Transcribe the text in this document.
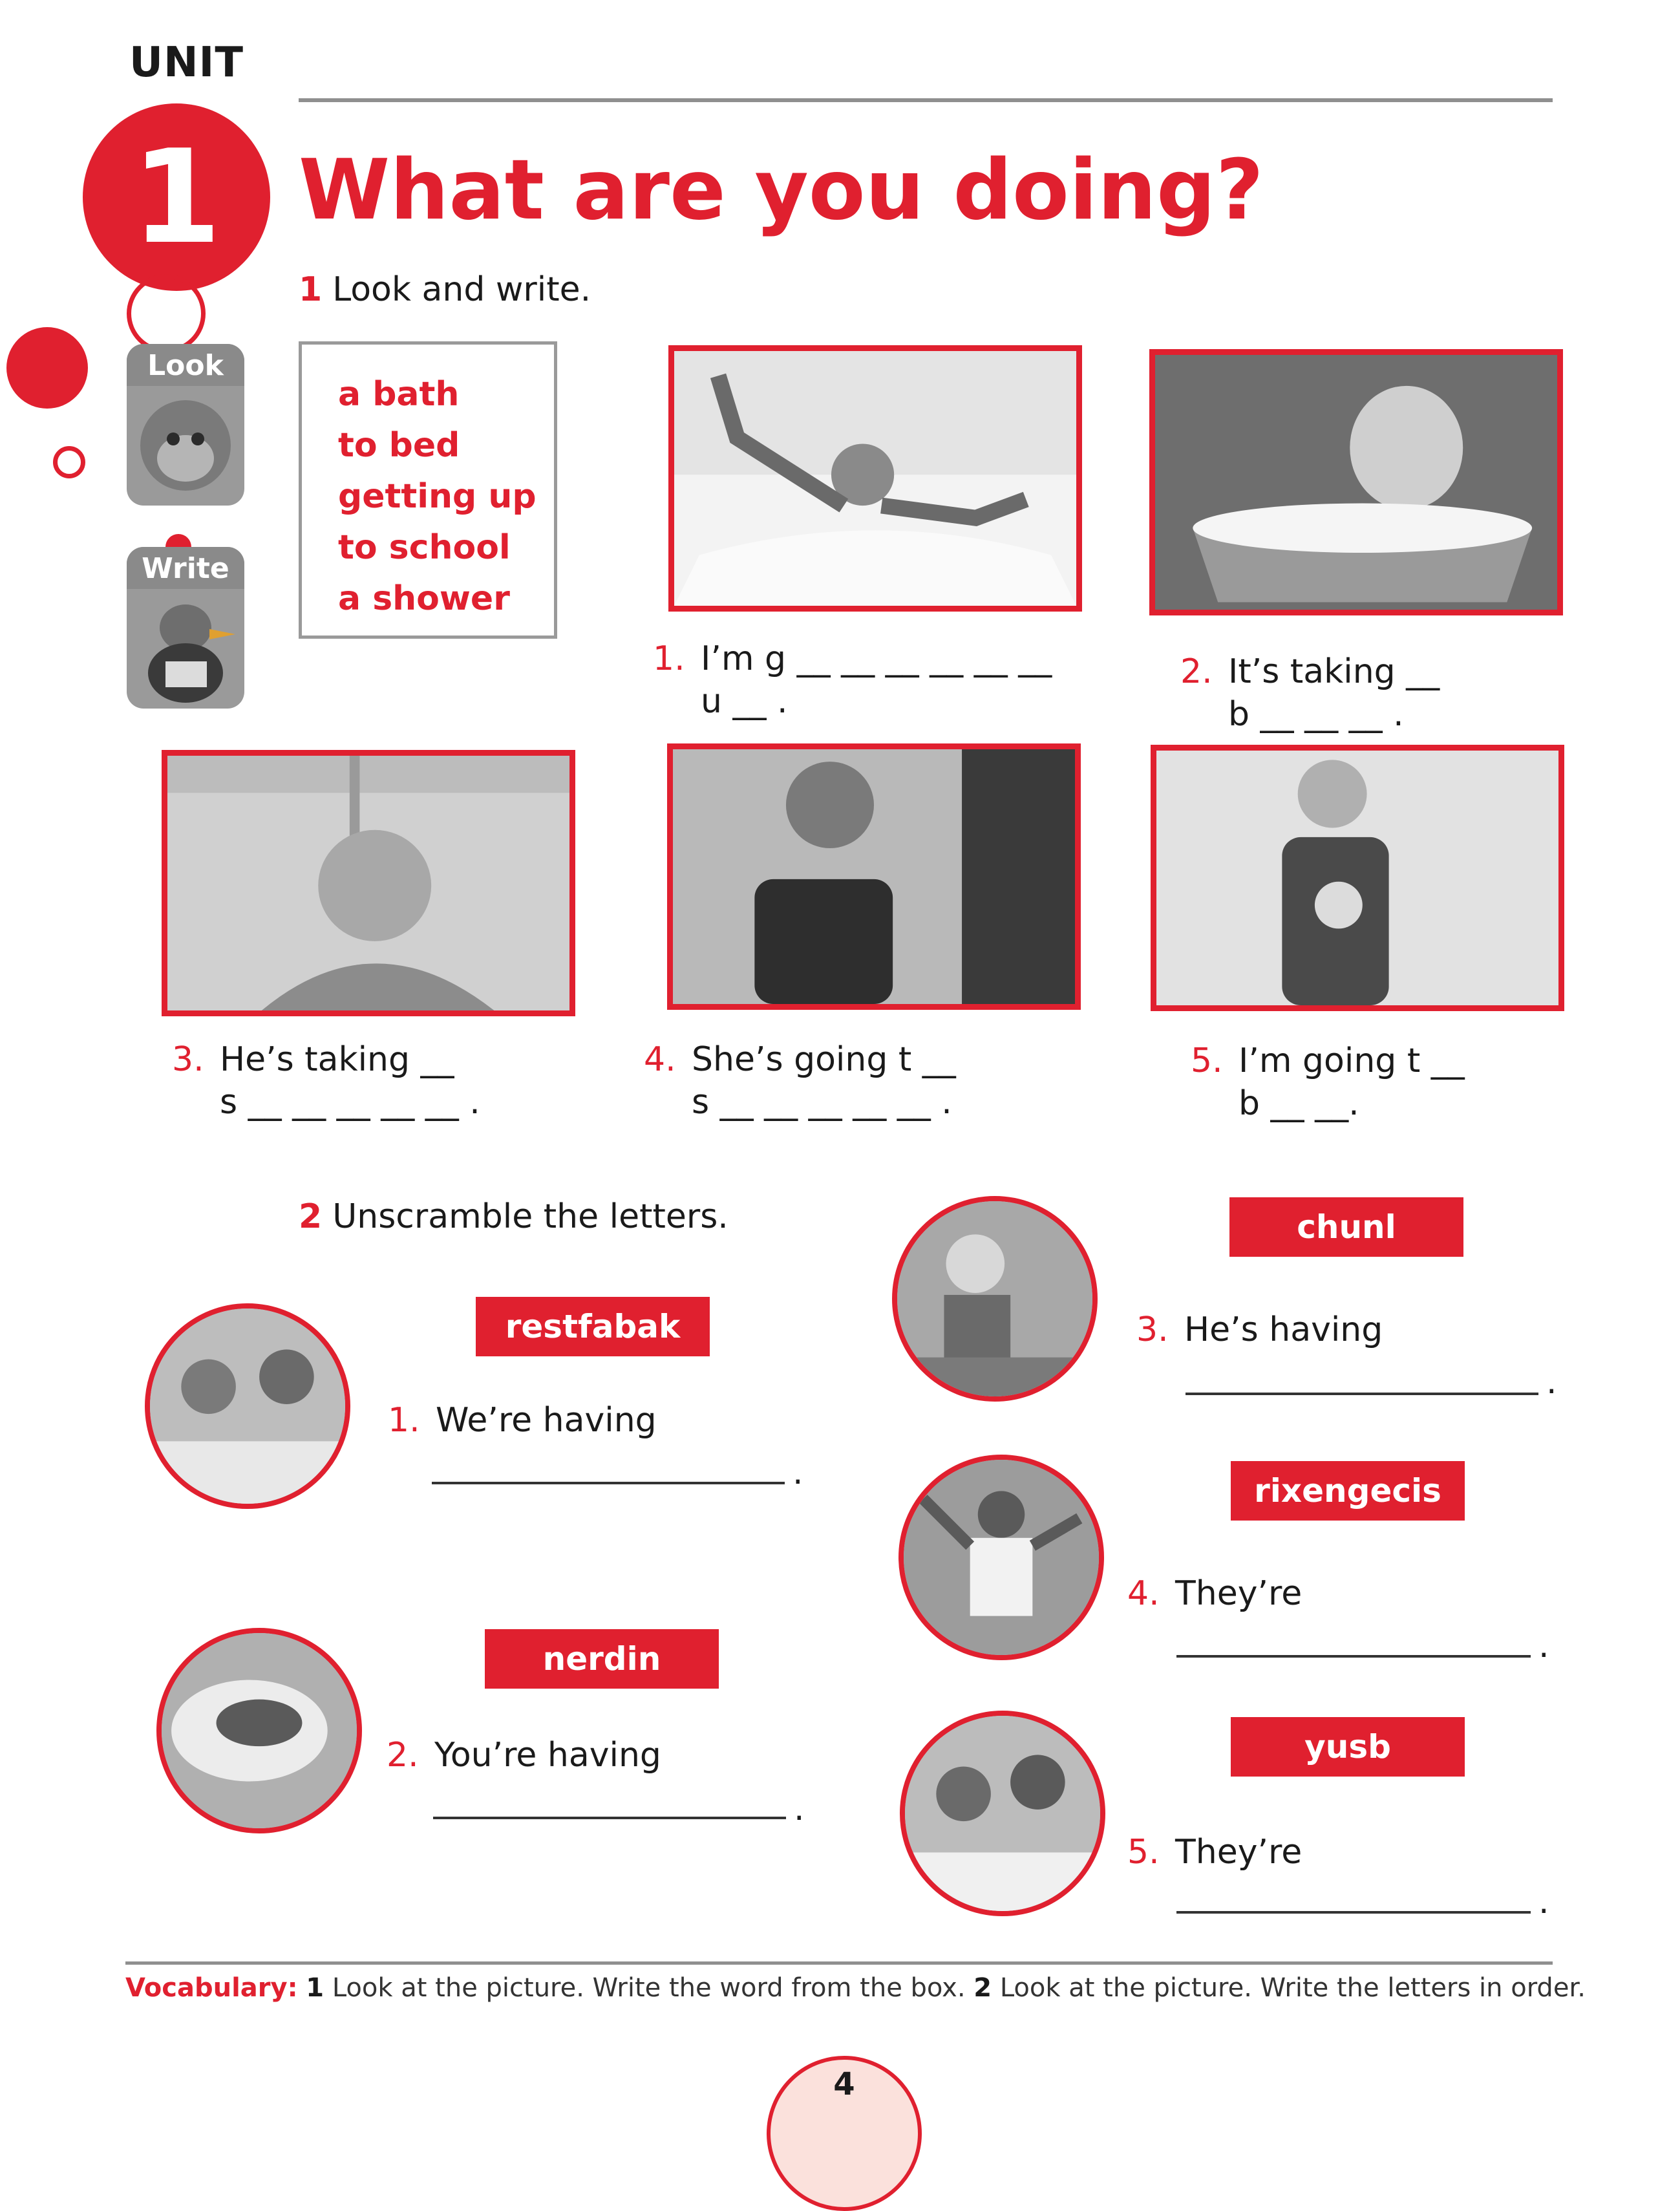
UNIT
1 What are you doing?
Look
Write
1 Look and write.
a bath
to bed
getting up
to school
a shower
1. I’m g __ __ __ __ __ __
u __ .
2. It’s taking __
b __ __ __ .
3. He’s taking __
s __ __ __ __ __ .
4. She’s going t __
s __ __ __ __ __ .
5. I’m going t __
b __ __.
2 Unscramble the letters.
restfabak
1. We’re having
.
nerdin
2. You’re having
.
chunl
3. He’s having
.
rixengecis
4. They’re
.
yusb
5. They’re
.
Vocabulary: 1 Look at the picture. Write the word from the box. 2 Look at the picture. Write the letters in order.
4
